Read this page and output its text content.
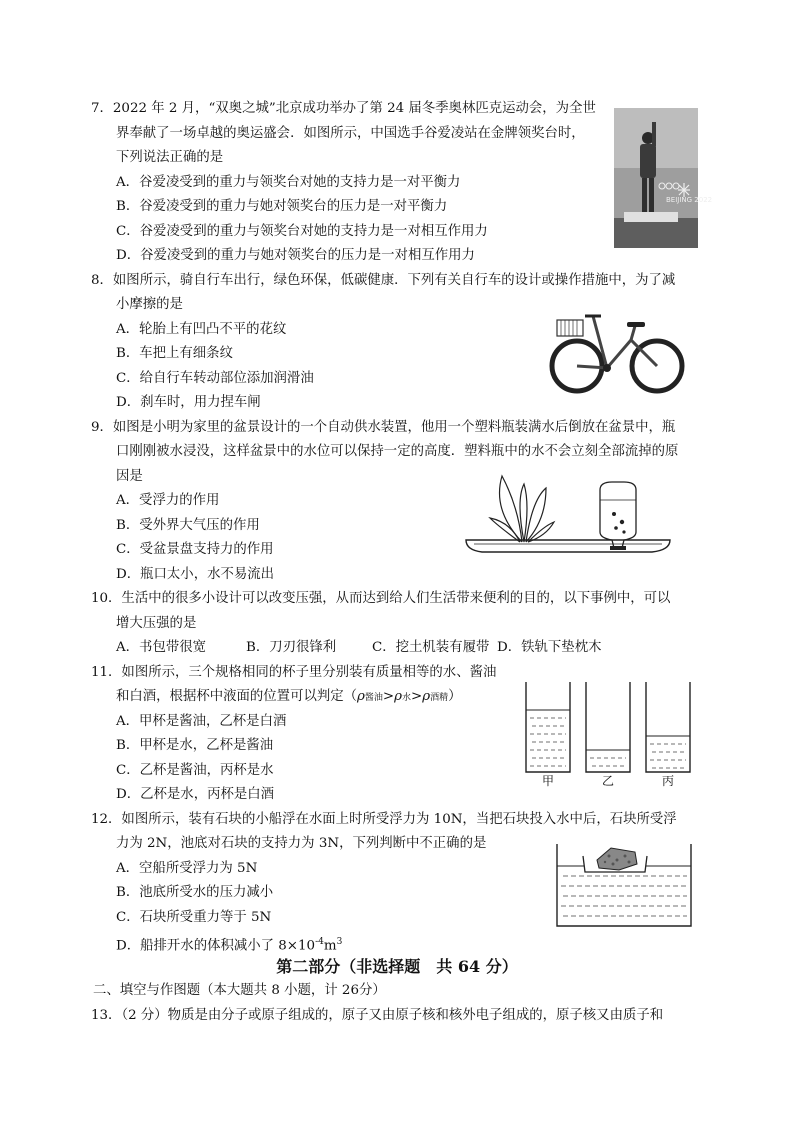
7．2022 年 2 月，“双奥之城”北京成功举办了第 24 届冬季奥林匹克运动会，为全世
界奉献了一场卓越的奥运盛会．如图所示，中国选手谷爱凌站在金牌领奖台时，
下列说法正确的是
A．谷爱凌受到的重力与领奖台对她的支持力是一对平衡力
B．谷爱凌受到的重力与她对领奖台的压力是一对平衡力
C．谷爱凌受到的重力与领奖台对她的支持力是一对相互作用力
D．谷爱凌受到的重力与她对领奖台的压力是一对相互作用力
BEIJING 2022
8．如图所示，骑自行车出行，绿色环保，低碳健康．下列有关自行车的设计或操作措施中，为了减
小摩擦的是
A．轮胎上有凹凸不平的花纹
B．车把上有细条纹
C．给自行车转动部位添加润滑油
D．刹车时，用力捏车闸
9．如图是小明为家里的盆景设计的一个自动供水装置，他用一个塑料瓶装满水后倒放在盆景中，瓶
口刚刚被水浸没，这样盆景中的水位可以保持一定的高度．塑料瓶中的水不会立刻全部流掉的原
因是
A．受浮力的作用
B．受外界大气压的作用
C．受盆景盘支持力的作用
D．瓶口太小，水不易流出
10．生活中的很多小设计可以改变压强，从而达到给人们生活带来便利的目的，以下事例中，可以
增大压强的是
A．书包带很宽	B．刀刃很锋利	C．挖土机装有履带 D．铁轨下垫枕木
11．如图所示，三个规格相同的杯子里分别装有质量相等的水、酱油
和白酒，根据杯中液面的位置可以判定（ρ酱油>ρ水>ρ酒精）
A．甲杯是酱油，乙杯是白酒
B．甲杯是水，乙杯是酱油
C．乙杯是酱油，丙杯是水
D．乙杯是水，丙杯是白酒
甲	乙	丙
12．如图所示，装有石块的小船浮在水面上时所受浮力为 10N，当把石块投入水中后，石块所受浮
力为 2N，池底对石块的支持力为 3N，下列判断中不正确的是
A．空船所受浮力为 5N
B．池底所受水的压力减小
C．石块所受重力等于 5N
D．船排开水的体积减小了 $8\times 10^{-4}m^3$
第二部分（非选择题　共 64 分）
二、填空与作图题（本大题共 8 小题，计 26分）
13．（2 分）物质是由分子或原子组成的，原子又由原子核和核外电子组成的，原子核又由质子和
